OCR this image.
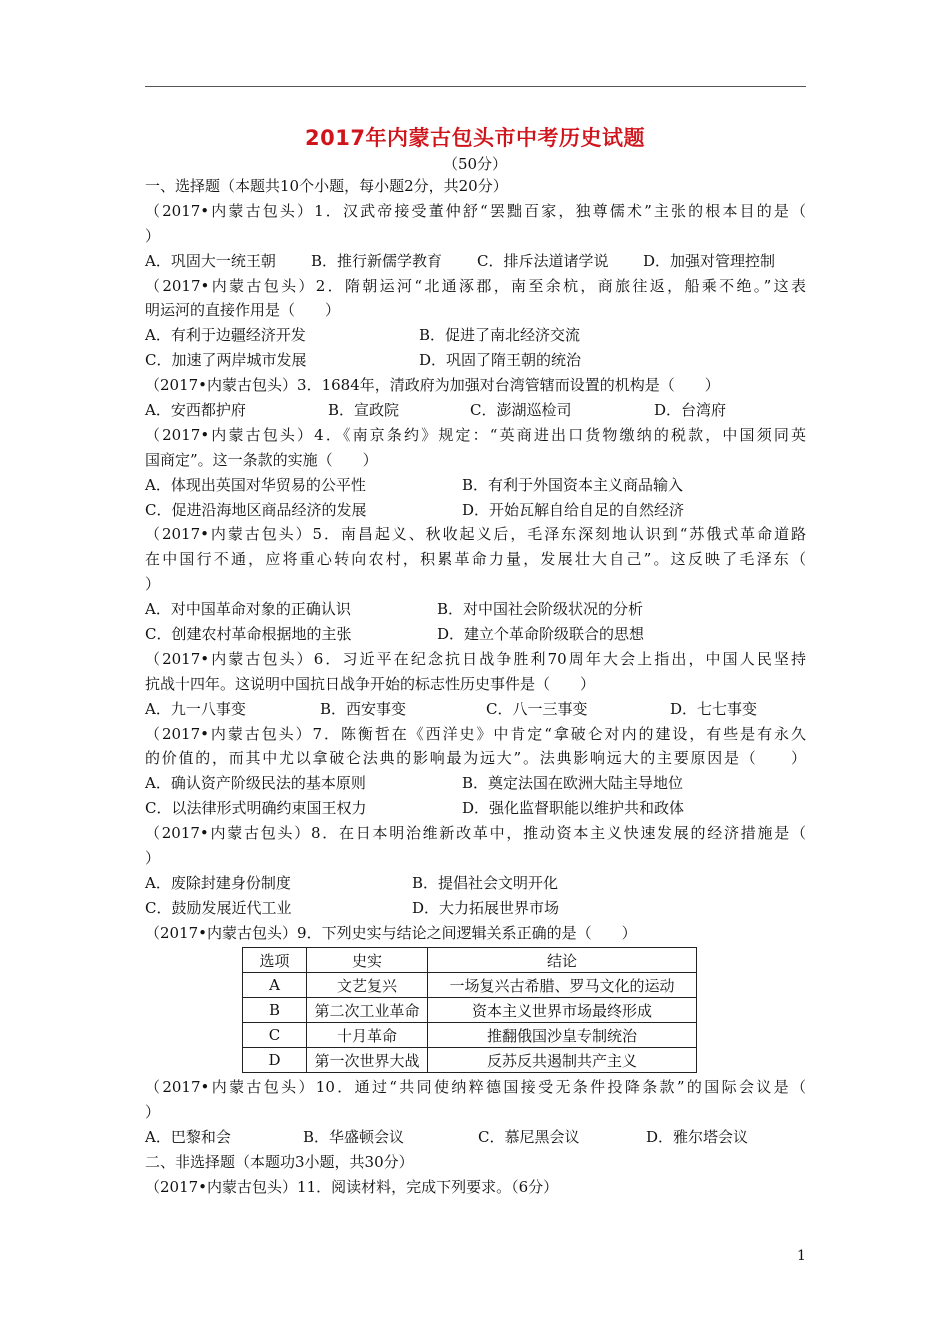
2017年内蒙古包头市中考历史试题
（50分）
一、选择题（本题共10个小题，每小题2分，共20分）
（2017•内蒙古包头）1．汉武帝接受董仲舒“罢黜百家，独尊儒术”主张的根本目的是（
）
A．巩固大一统王朝	B．推行新儒学教育	C．排斥法道诸学说	D．加强对管理控制
（2017•内蒙古包头）2．隋朝运河“北通涿郡，南至余杭，商旅往返，船乘不绝。”这表
明运河的直接作用是（　　）
A．有利于边疆经济开发	B．促进了南北经济交流
C．加速了两岸城市发展	D．巩固了隋王朝的统治
（2017•内蒙古包头）3．1684年，清政府为加强对台湾管辖而设置的机构是（　　）
A．安西都护府	B．宣政院	C．澎湖巡检司	D．台湾府
（2017•内蒙古包头）4．《南京条约》规定：“英商进出口货物缴纳的税款，中国须同英
国商定”。这一条款的实施（　　）
A．体现出英国对华贸易的公平性	B．有利于外国资本主义商品输入
C．促进沿海地区商品经济的发展	D．开始瓦解自给自足的自然经济
（2017•内蒙古包头）5．南昌起义、秋收起义后，毛泽东深刻地认识到“苏俄式革命道路
在中国行不通，应将重心转向农村，积累革命力量，发展壮大自己”。这反映了毛泽东（
）
A．对中国革命对象的正确认识	B．对中国社会阶级状况的分析
C．创建农村革命根据地的主张	D．建立个革命阶级联合的思想
（2017•内蒙古包头）6．习近平在纪念抗日战争胜利70周年大会上指出，中国人民坚持
抗战十四年。这说明中国抗日战争开始的标志性历史事件是（　　）
A．九一八事变	B．西安事变	C．八一三事变	D．七七事变
（2017•内蒙古包头）7．陈衡哲在《西洋史》中肯定“拿破仑对内的建设，有些是有永久
的价值的，而其中尤以拿破仑法典的影响最为远大”。法典影响远大的主要原因是（　　）
A．确认资产阶级民法的基本原则	B．奠定法国在欧洲大陆主导地位
C．以法律形式明确约束国王权力	D．强化监督职能以维护共和政体
（2017•内蒙古包头）8．在日本明治维新改革中，推动资本主义快速发展的经济措施是（
）
A．废除封建身份制度	B．提倡社会文明开化
C．鼓励发展近代工业	D．大力拓展世界市场
（2017•内蒙古包头）9．下列史实与结论之间逻辑关系正确的是（　　）
选项	史实	结论
A	文艺复兴	一场复兴古希腊、罗马文化的运动
B	第二次工业革命	资本主义世界市场最终形成
C	十月革命	推翻俄国沙皇专制统治
D	第一次世界大战	反苏反共遏制共产主义
（2017•内蒙古包头）10．通过“共同使纳粹德国接受无条件投降条款”的国际会议是（
）
A．巴黎和会	B．华盛顿会议	C．慕尼黑会议	D．雅尔塔会议
二、非选择题（本题功3小题，共30分）
（2017•内蒙古包头）11．阅读材料，完成下列要求。（6分）
1
